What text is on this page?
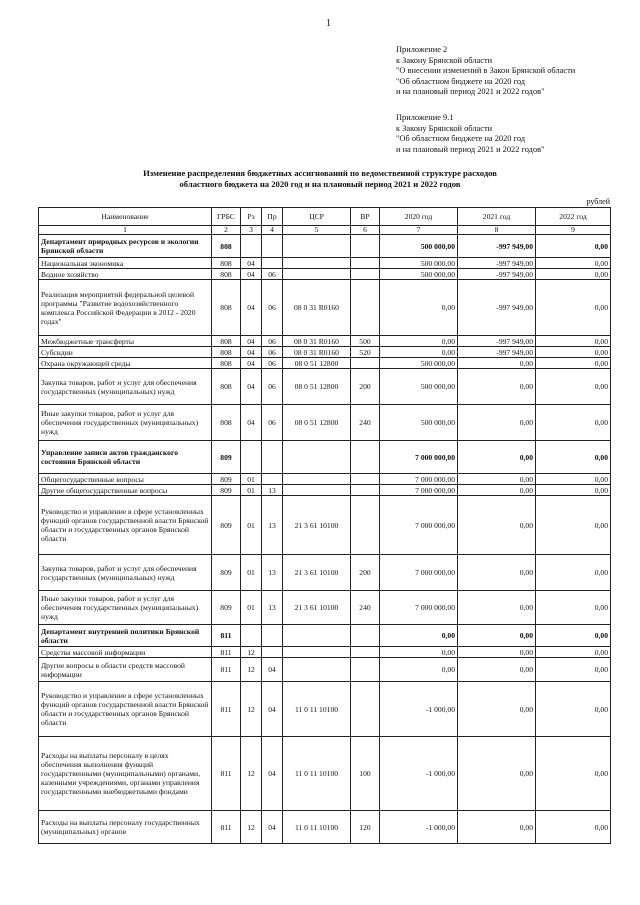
1
Приложение 2
к Закону Брянской области
"О внесении изменений в Закон Брянской области
"Об областном бюджете на 2020 год
и на плановый период 2021 и 2022 годов"
Приложение 9.1
к Закону Брянской области
"Об областном бюджете на 2020 год
и на плановый период 2021 и 2022 годов"
Изменение распределения бюджетных ассигнований по ведомственной структуре расходов
областного бюджета на 2020 год и на плановый период 2021 и 2022 годов
рублей
Наименование	ГРБС	Рз	Пр	ЦСР	ВР	2020 год	2021 год	2022 год
1	2	3	4	5	6	7	8	9
Департамент природных ресурсов и экологии Брянской области	808					500 000,00	-997 949,00	0,00
Национальная экономика	808	04				500 000,00	-997 949,00	0,00
Водное хозяйство	808	04	06			500 000,00	-997 949,00	0,00
Реализация мероприятий федеральной целевой программы "Развитие водохозяйственного комплекса Российской Федерации в 2012 - 2020 годах"	808	04	06	08 0 31 R0160		0,00	-997 949,00	0,00
Межбюджетные трансферты	808	04	06	08 0 31 R0160	500	0,00	-997 949,00	0,00
Субсидии	808	04	06	08 0 31 R0160	520	0,00	-997 949,00	0,00
Охрана окружающей среды	808	04	06	08 0 51 12800		500 000,00	0,00	0,00
Закупка товаров, работ и услуг для обеспечения государственных (муниципальных) нужд	808	04	06	08 0 51 12800	200	500 000,00	0,00	0,00
Иные закупки товаров, работ и услуг для обеспечения государственных (муниципальных) нужд	808	04	06	08 0 51 12800	240	500 000,00	0,00	0,00
Управление записи актов гражданского состояния Брянской области	809					7 000 000,00	0,00	0,00
Общегосударственные вопросы	809	01				7 000 000,00	0,00	0,00
Другие общегосударственные вопросы	809	01	13			7 000 000,00	0,00	0,00
Руководство и управление в сфере установленных функций органов государственной власти Брянской области и государственных органов Брянской области	809	01	13	21 3 61 10100		7 000 000,00	0,00	0,00
Закупка товаров, работ и услуг для обеспечения государственных (муниципальных) нужд	809	01	13	21 3 61 10100	200	7 000 000,00	0,00	0,00
Иные закупки товаров, работ и услуг для обеспечения государственных (муниципальных) нужд	809	01	13	21 3 61 10100	240	7 000 000,00	0,00	0,00
Департамент внутренней политики Брянской области	811					0,00	0,00	0,00
Средства массовой информации	811	12				0,00	0,00	0,00
Другие вопросы в области средств массовой информации	811	12	04			0,00	0,00	0,00
Руководство и управление в сфере установленных функций органов государственной власти Брянской области и государственных органов Брянской области	811	12	04	11 0 11 10100		-1 000,00	0,00	0,00
Расходы на выплаты персоналу в целях обеспечения выполнения функций государственными (муниципальными) органами, казенными учреждениями, органами управления государственными внебюджетными фондами	811	12	04	11 0 11 10100	100	-1 000,00	0,00	0,00
Расходы на выплаты персоналу государственных (муниципальных) органов	811	12	04	11 0 11 10100	120	-1 000,00	0,00	0,00
